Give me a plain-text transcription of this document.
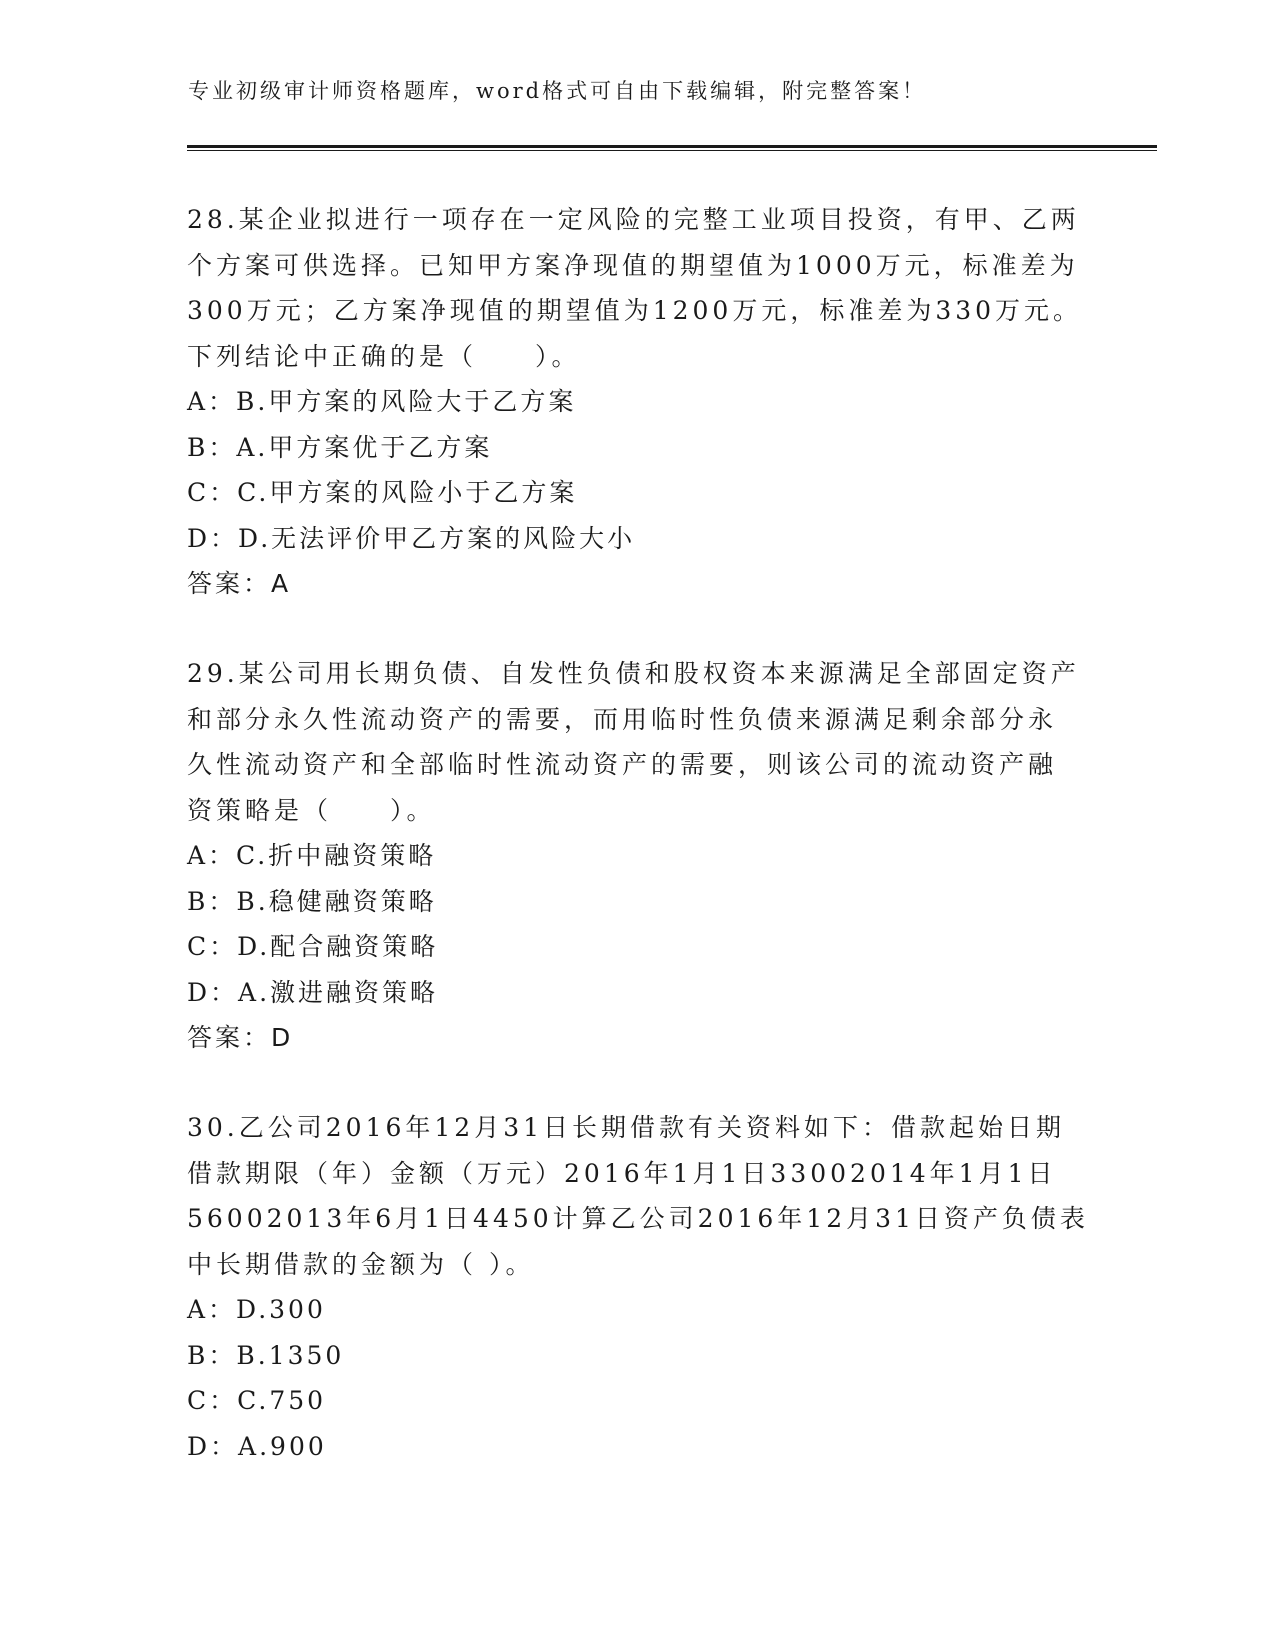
专业初级审计师资格题库，word格式可自由下载编辑，附完整答案！
28.某企业拟进行一项存在一定风险的完整工业项目投资，有甲、乙两
个方案可供选择。已知甲方案净现值的期望值为1000万元，标准差为
300万元；乙方案净现值的期望值为1200万元，标准差为330万元。
下列结论中正确的是（　　）。
A：B.甲方案的风险大于乙方案
B：A.甲方案优于乙方案
C：C.甲方案的风险小于乙方案
D：D.无法评价甲乙方案的风险大小
答案：A
29.某公司用长期负债、自发性负债和股权资本来源满足全部固定资产
和部分永久性流动资产的需要，而用临时性负债来源满足剩余部分永
久性流动资产和全部临时性流动资产的需要，则该公司的流动资产融
资策略是（　　）。
A：C.折中融资策略
B：B.稳健融资策略
C：D.配合融资策略
D：A.激进融资策略
答案：D
30.乙公司2016年12月31日长期借款有关资料如下：借款起始日期
借款期限（年）金额（万元）2016年1月1日33002014年1月1日
56002013年6月1日4450计算乙公司2016年12月31日资产负债表
中长期借款的金额为（ ）。
A：D.300
B：B.1350
C：C.750
D：A.900
